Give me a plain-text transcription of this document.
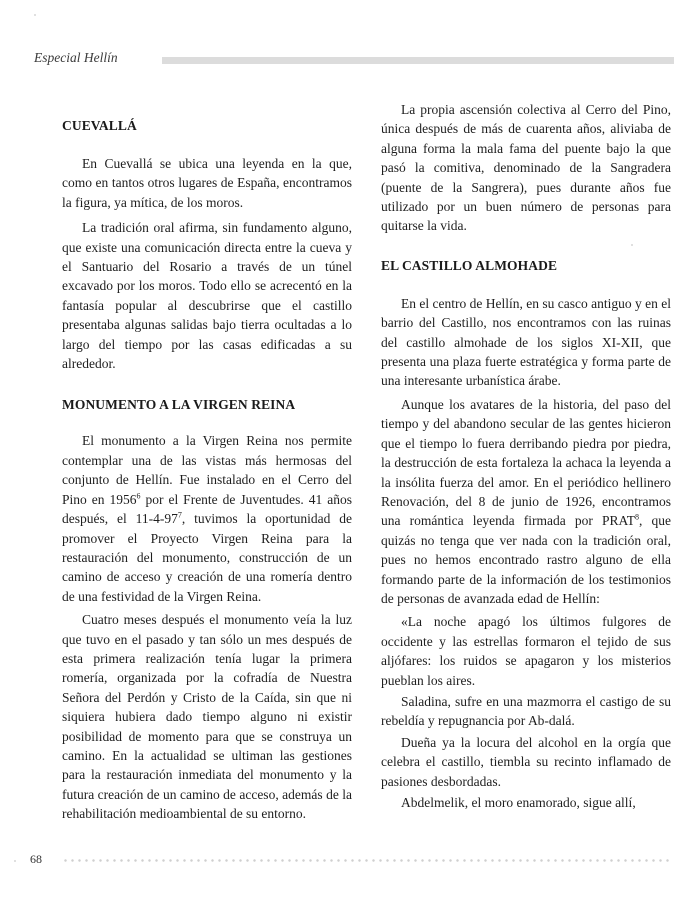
Especial Hellín
CUEVALLÁ

En Cuevallá se ubica una leyenda en la que, como en tantos otros lugares de España, encontramos la figura, ya mítica, de los moros.

La tradición oral afirma, sin fundamento alguno, que existe una comunicación directa entre la cueva y el Santuario del Rosario a través de un túnel excavado por los moros. Todo ello se acrecentó en la fantasía popular al descubrirse que el castillo presentaba algunas salidas bajo tierra ocultadas a lo largo del tiempo por las casas edificadas a su alrededor.

MONUMENTO A LA VIRGEN REINA

El monumento a la Virgen Reina nos permite contemplar una de las vistas más hermosas del conjunto de Hellín. Fue instalado en el Cerro del Pino en 1956$^6$ por el Frente de Juventudes. 41 años después, el $11-4-97^7$, tuvimos la oportunidad de promover el Proyecto Virgen Reina para la restauración del monumento, construcción de un camino de acceso y creación de una romería dentro de una festividad de la Virgen Reina.

Cuatro meses después el monumento veía la luz que tuvo en el pasado y tan sólo un mes después de esta primera realización tenía lugar la primera romería, organizada por la cofradía de Nuestra Señora del Perdón y Cristo de la Caída, sin que ni siquiera hubiera dado tiempo alguno ni existir posibilidad de momento para que se construya un camino. En la actualidad se ultiman las gestiones para la restauración inmediata del monumento y la futura creación de un camino de acceso, además de la rehabilitación medioambiental de su entorno.

La propia ascensión colectiva al Cerro del Pino, única después de más de cuarenta años, aliviaba de alguna forma la mala fama del puente bajo la que pasó la comitiva, denominado de la Sangradera (puente de la Sangrera), pues durante años fue utilizado por un buen número de personas para quitarse la vida.

EL CASTILLO ALMOHADE

En el centro de Hellín, en su casco antiguo y en el barrio del Castillo, nos encontramos con las ruinas del castillo almohade de los siglos XI-XII, que presenta una plaza fuerte estratégica y forma parte de una interesante urbanística árabe.

Aunque los avatares de la historia, del paso del tiempo y del abandono secular de las gentes hicieron que el tiempo lo fuera derribando piedra por piedra, la destrucción de esta fortaleza la achaca la leyenda a la insólita fuerza del amor. En el periódico hellinero Renovación, del 8 de junio de 1926, encontramos una romántica leyenda firmada por PRAT$^8$, que quizás no tenga que ver nada con la tradición oral, pues no hemos encontrado rastro alguno de ella formando parte de la información de los testimonios de personas de avanzada edad de Hellín:

«La noche apagó los últimos fulgores de occidente y las estrellas formaron el tejido de sus aljófares: los ruidos se apagaron y los misterios pueblan los aires.

Saladina, sufre en una mazmorra el castigo de su rebeldía y repugnancia por Ab-dalá.

Dueña ya la locura del alcohol en la orgía que celebra el castillo, tiembla su recinto inflamado de pasiones desbordadas.

Abdelmelik, el moro enamorado, sigue allí,

68
